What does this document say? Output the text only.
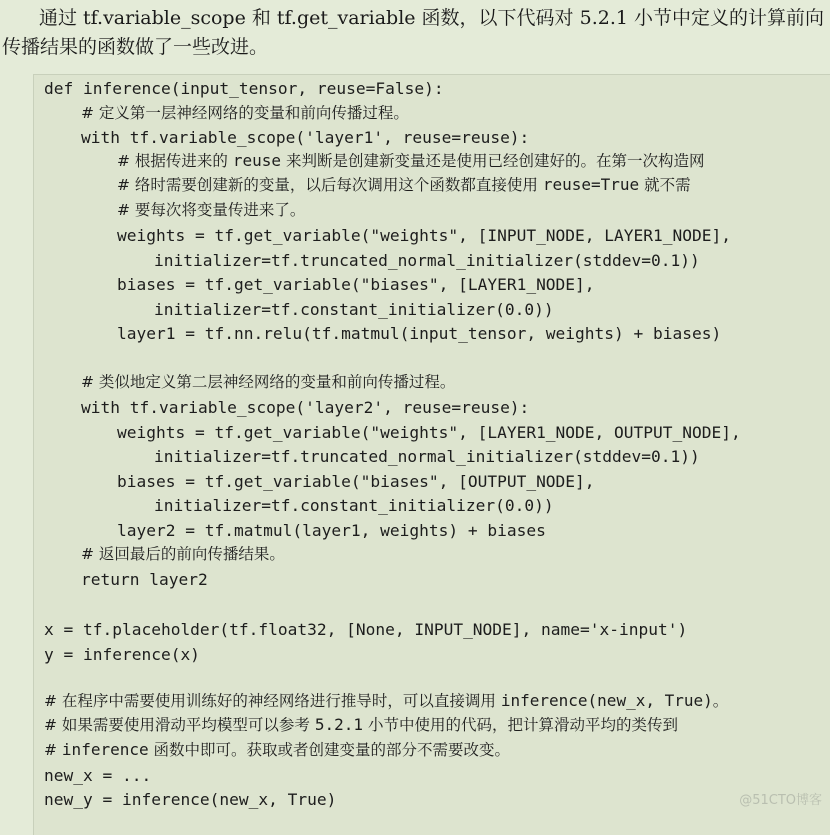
通过 tf.variable_scope 和 tf.get_variable 函数，以下代码对 5.2.1 小节中定义的计算前向
传播结果的函数做了一些改进。
def inference(input_tensor, reuse=False):
# 定义第一层神经网络的变量和前向传播过程。
with tf.variable_scope('layer1', reuse=reuse):
# 根据传进来的 reuse 来判断是创建新变量还是使用已经创建好的。在第一次构造网
# 络时需要创建新的变量，以后每次调用这个函数都直接使用 reuse=True 就不需
# 要每次将变量传进来了。
weights = tf.get_variable("weights", [INPUT_NODE, LAYER1_NODE],
initializer=tf.truncated_normal_initializer(stddev=0.1))
biases = tf.get_variable("biases", [LAYER1_NODE],
initializer=tf.constant_initializer(0.0))
layer1 = tf.nn.relu(tf.matmul(input_tensor, weights) + biases)
# 类似地定义第二层神经网络的变量和前向传播过程。
with tf.variable_scope('layer2', reuse=reuse):
weights = tf.get_variable("weights", [LAYER1_NODE, OUTPUT_NODE],
initializer=tf.truncated_normal_initializer(stddev=0.1))
biases = tf.get_variable("biases", [OUTPUT_NODE],
initializer=tf.constant_initializer(0.0))
layer2 = tf.matmul(layer1, weights) + biases
# 返回最后的前向传播结果。
return layer2
x = tf.placeholder(tf.float32, [None, INPUT_NODE], name='x-input')
y = inference(x)
# 在程序中需要使用训练好的神经网络进行推导时，可以直接调用 inference(new_x, True)。
# 如果需要使用滑动平均模型可以参考 5.2.1 小节中使用的代码，把计算滑动平均的类传到
# inference 函数中即可。获取或者创建变量的部分不需要改变。
new_x = ...
new_y = inference(new_x, True)	@51CTO博客
